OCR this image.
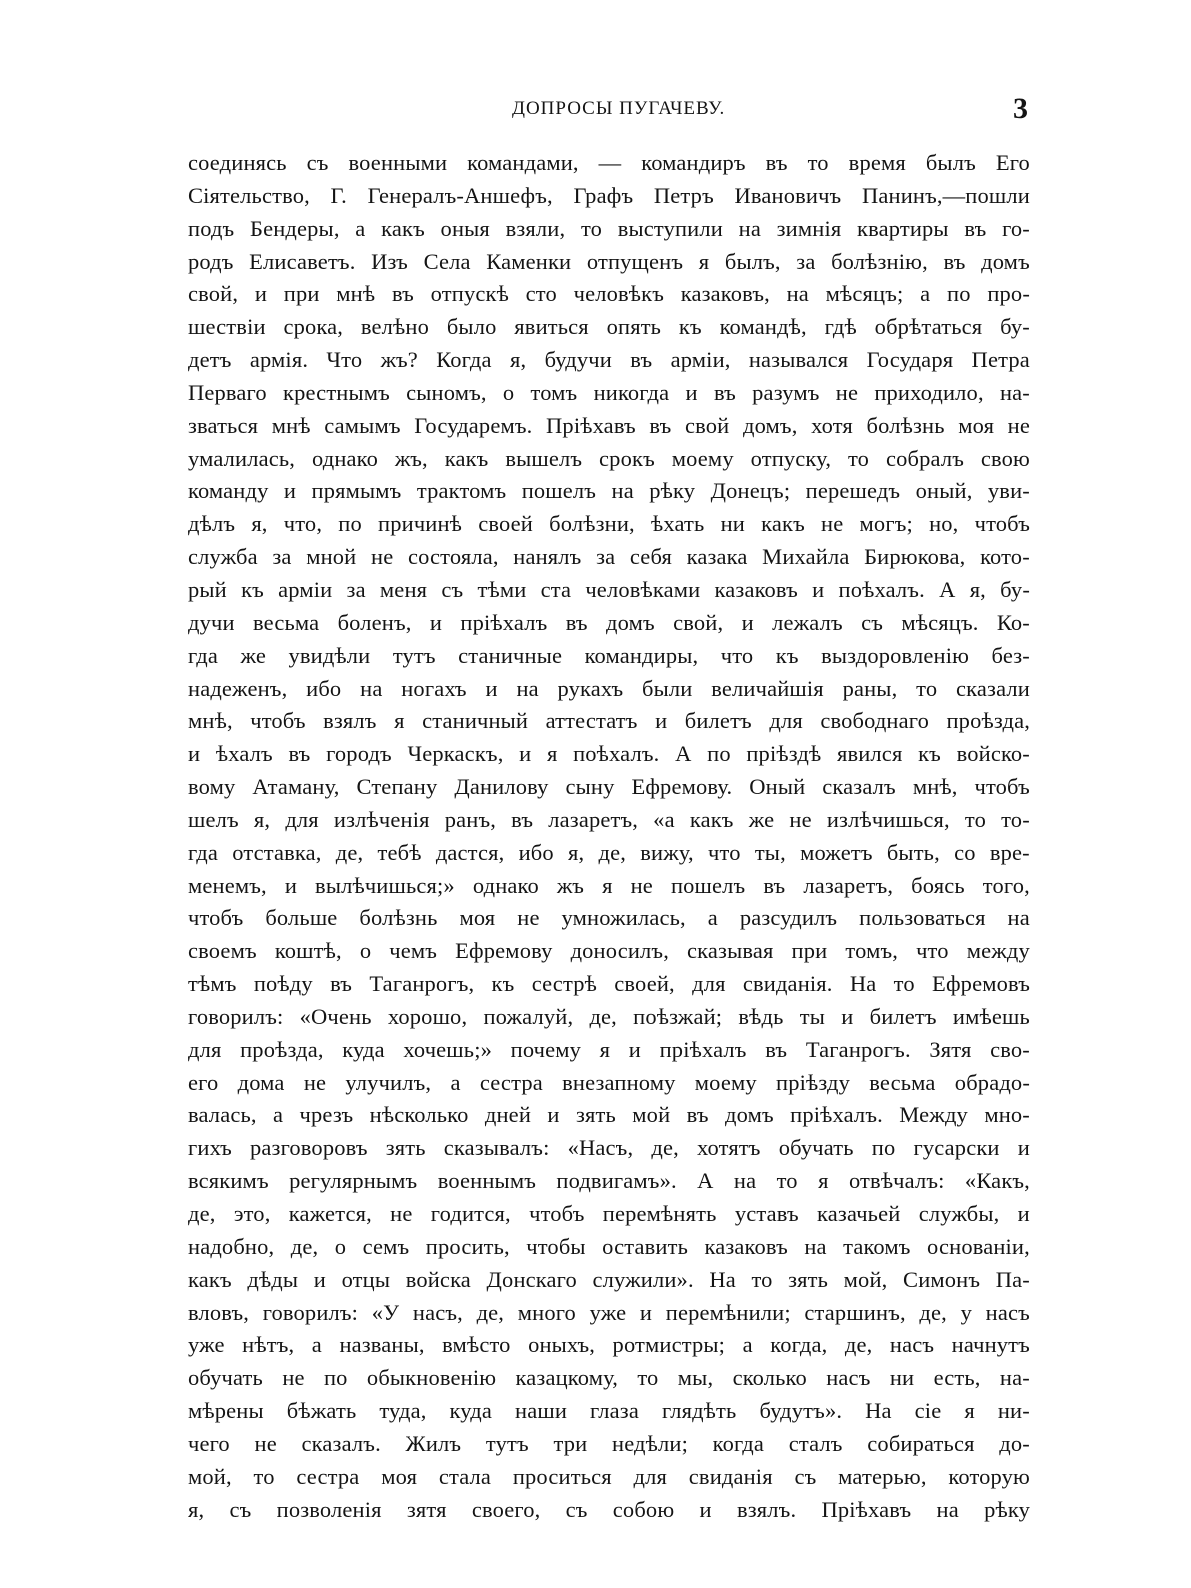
ДОПРОСЫ ПУГАЧЕВУ.	3
соединясь съ военными командами, — командиръ въ то время былъ Его
Сiятельство, Г. Генералъ-Аншефъ, Графъ Петръ Ивановичъ Панинъ,—пошли
подъ Бендеры, а какъ оныя взяли, то выступили на зимнiя квартиры въ го-
родъ Елисаветъ. Изъ Села Каменки отпущенъ я былъ, за болѣзнiю, въ домъ
свой, и при мнѣ въ отпускѣ сто человѣкъ казаковъ, на мѣсяцъ; а по про-
шествiи срока, велѣно было явиться опять къ командѣ, гдѣ обрѣтаться бу-
детъ армiя. Что жъ? Когда я, будучи въ армiи, назывался Государя Петра
Перваго крестнымъ сыномъ, о томъ никогда и въ разумъ не приходило, на-
зваться мнѣ самымъ Государемъ. Прiѣхавъ въ свой домъ, хотя болѣзнь моя не
умалилась, однако жъ, какъ вышелъ срокъ моему отпуску, то собралъ свою
команду и прямымъ трактомъ пошелъ на рѣку Донецъ; перешедъ оный, уви-
дѣлъ я, что, по причинѣ своей болѣзни, ѣхать ни какъ не могъ; но, чтобъ
служба за мной не состояла, нанялъ за себя казака Михайла Бирюкова, кото-
рый къ армiи за меня съ тѣми ста человѣками казаковъ и поѣхалъ. А я, бу-
дучи весьма боленъ, и прiѣхалъ въ домъ свой, и лежалъ съ мѣсяцъ. Ко-
гда же увидѣли тутъ станичные командиры, что къ выздоровленiю без-
надеженъ, ибо на ногахъ и на рукахъ были величайшiя раны, то сказали
мнѣ, чтобъ взялъ я станичный аттестатъ и билетъ для свободнаго проѣзда,
и ѣхалъ въ городъ Черкаскъ, и я поѣхалъ. А по прiѣздѣ явился къ войско-
вому Атаману, Степану Данилову сыну Ефремову. Оный сказалъ мнѣ, чтобъ
шелъ я, для излѣченiя ранъ, въ лазаретъ, «а какъ же не излѣчишься, то то-
гда отставка, де, тебѣ дастся, ибо я, де, вижу, что ты, можетъ быть, со вре-
менемъ, и вылѣчишься;» однако жъ я не пошелъ въ лазаретъ, боясь того,
чтобъ больше болѣзнь моя не умножилась, а разсудилъ пользоваться на
своемъ коштѣ, о чемъ Ефремову доносилъ, сказывая при томъ, что между
тѣмъ поѣду въ Таганрогъ, къ сестрѣ своей, для свиданiя. На то Ефремовъ
говорилъ: «Очень хорошо, пожалуй, де, поѣзжай; вѣдь ты и билетъ имѣешь
для проѣзда, куда хочешь;» почему я и прiѣхалъ въ Таганрогъ. Зятя сво-
его дома не улучилъ, а сестра внезапному моему прiѣзду весьма обрадо-
валась, а чрезъ нѣсколько дней и зять мой въ домъ прiѣхалъ. Между мно-
гихъ разговоровъ зять сказывалъ: «Насъ, де, хотятъ обучать по гусарски и
всякимъ регулярнымъ военнымъ подвигамъ». А на то я отвѣчалъ: «Какъ,
де, это, кажется, не годится, чтобъ перемѣнять уставъ казачьей службы, и
надобно, де, о семъ просить, чтобы оставить казаковъ на такомъ основанiи,
какъ дѣды и отцы войска Донскаго служили». На то зять мой, Симонъ Па-
вловъ, говорилъ: «У насъ, де, много уже и перемѣнили; старшинъ, де, у насъ
уже нѣтъ, а названы, вмѣсто оныхъ, ротмистры; а когда, де, насъ начнутъ
обучать не по обыкновенiю казацкому, то мы, сколько насъ ни есть, на-
мѣрены бѣжать туда, куда наши глаза глядѣть будутъ». На сiе я ни-
чего не сказалъ. Жилъ тутъ три недѣли; когда сталъ собираться до-
мой, то сестра моя стала проситься для свиданiя съ матерью, которую
я, съ позволенiя зятя своего, съ собою и взялъ. Прiѣхавъ на рѣку
